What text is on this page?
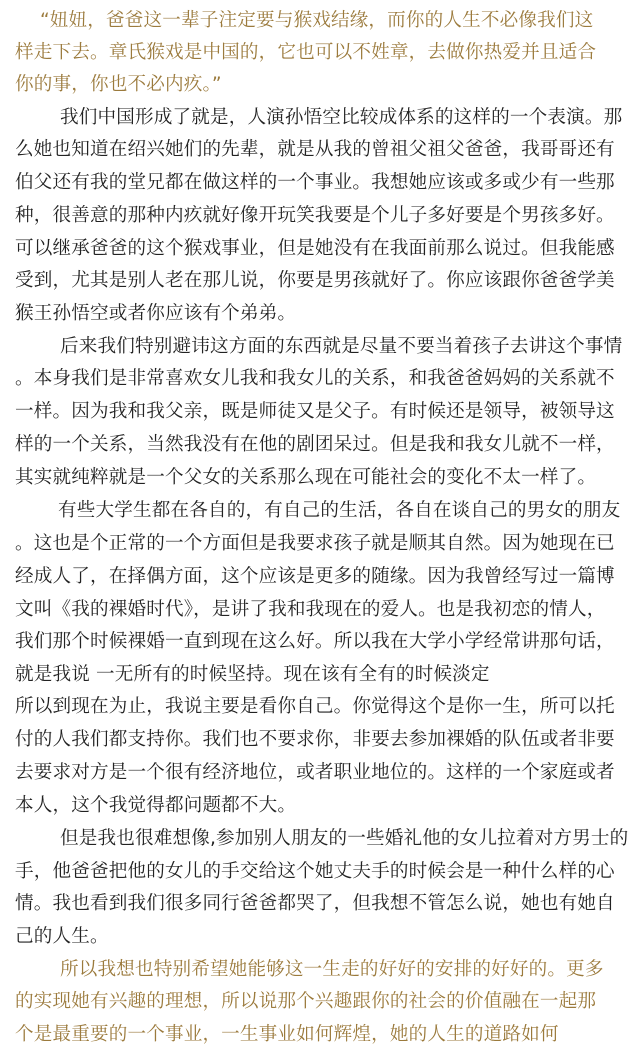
“妞妞，爸爸这一辈子注定要与猴戏结缘，而你的人生不必像我们这
样走下去。章氏猴戏是中国的，它也可以不姓章，去做你热爱并且适合
你的事，你也不必内疚。”
我们中国形成了就是，人演孙悟空比较成体系的这样的一个表演。那
么她也知道在绍兴她们的先辈，就是从我的曾祖父祖父爸爸，我哥哥还有
伯父还有我的堂兄都在做这样的一个事业。我想她应该或多或少有一些那
种，很善意的那种内疚就好像开玩笑我要是个儿子多好要是个男孩多好。
可以继承爸爸的这个猴戏事业，但是她没有在我面前那么说过。但我能感
受到，尤其是别人老在那儿说，你要是男孩就好了。你应该跟你爸爸学美
猴王孙悟空或者你应该有个弟弟。
后来我们特别避讳这方面的东西就是尽量不要当着孩子去讲这个事情
。本身我们是非常喜欢女儿我和我女儿的关系，和我爸爸妈妈的关系就不
一样。因为我和我父亲，既是师徒又是父子。有时候还是领导，被领导这
样的一个关系，当然我没有在他的剧团呆过。但是我和我女儿就不一样，
其实就纯粹就是一个父女的关系那么现在可能社会的变化不太一样了。
有些大学生都在各自的，有自己的生活，各自在谈自己的男女的朋友
。这也是个正常的一个方面但是我要求孩子就是顺其自然。因为她现在已
经成人了，在择偶方面，这个应该是更多的随缘。因为我曾经写过一篇博
文叫《我的裸婚时代》，是讲了我和我现在的爱人。也是我初恋的情人，
我们那个时候裸婚一直到现在这么好。所以我在大学小学经常讲那句话，
就是我说 一无所有的时候坚持。现在该有全有的时候淡定
所以到现在为止，我说主要是看你自己。你觉得这个是你一生，所可以托
付的人我们都支持你。我们也不要求你，非要去参加裸婚的队伍或者非要
去要求对方是一个很有经济地位，或者职业地位的。这样的一个家庭或者
本人，这个我觉得都问题都不大。
但是我也很难想像,参加别人朋友的一些婚礼他的女儿拉着对方男士的
手，他爸爸把他的女儿的手交给这个她丈夫手的时候会是一种什么样的心
情。我也看到我们很多同行爸爸都哭了，但我想不管怎么说，她也有她自
己的人生。
所以我想也特别希望她能够这一生走的好好的安排的好好的。更多
的实现她有兴趣的理想，所以说那个兴趣跟你的社会的价值融在一起那
个是最重要的一个事业，一生事业如何辉煌，她的人生的道路如何
